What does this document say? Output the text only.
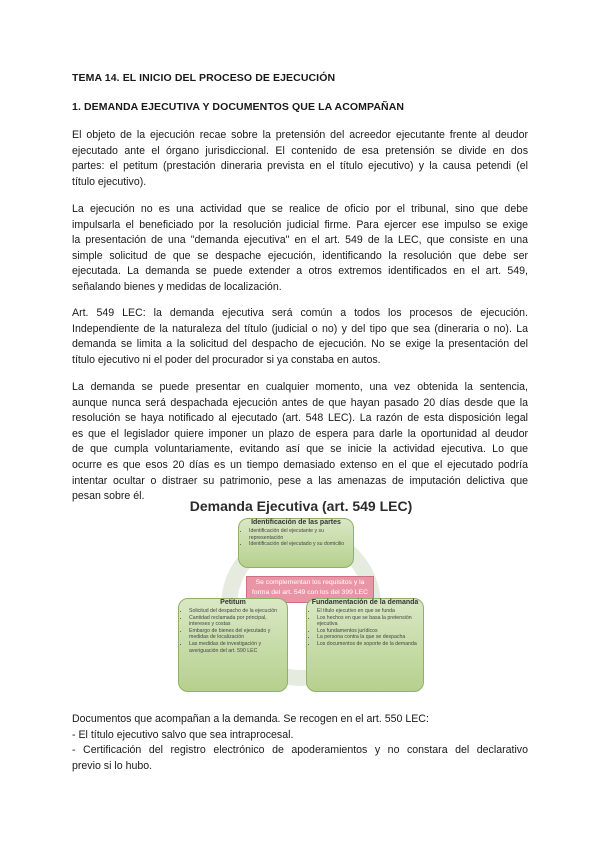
TEMA 14. EL INICIO DEL PROCESO DE EJECUCIÓN
1. DEMANDA EJECUTIVA Y DOCUMENTOS QUE LA ACOMPAÑAN
El objeto de la ejecución recae sobre la pretensión del acreedor ejecutante frente al deudor
ejecutado ante el órgano jurisdiccional. El contenido de esa pretensión se divide en dos
partes: el petitum (prestación dineraria prevista en el título ejecutivo) y la causa petendi (el
título ejecutivo).
La ejecución no es una actividad que se realice de oficio por el tribunal, sino que debe
impulsarla el beneficiado por la resolución judicial firme. Para ejercer ese impulso se exige
la presentación de una "demanda ejecutiva" en el art. 549 de la LEC, que consiste en una
simple solicitud de que se despache ejecución, identificando la resolución que debe ser
ejecutada. La demanda se puede extender a otros extremos identificados en el art. 549,
señalando bienes y medidas de localización.
Art. 549 LEC: la demanda ejecutiva será común a todos los procesos de ejecución.
Independiente de la naturaleza del título (judicial o no) y del tipo que sea (dineraria o no). La
demanda se limita a la solicitud del despacho de ejecución. No se exige la presentación del
título ejecutivo ni el poder del procurador si ya constaba en autos.
La demanda se puede presentar en cualquier momento, una vez obtenida la sentencia,
aunque nunca será despachada ejecución antes de que hayan pasado 20 días desde que la
resolución se haya notificado al ejecutado (art. 548 LEC). La razón de esta disposición legal
es que el legislador quiere imponer un plazo de espera para darle la oportunidad al deudor
de que cumpla voluntariamente, evitando así que se inicie la actividad ejecutiva. Lo que
ocurre es que esos 20 días es un tiempo demasiado extenso en el que el ejecutado podría
intentar ocultar o distraer su patrimonio, pese a las amenazas de imputación delictiva que
pesan sobre él.
Demanda Ejecutiva (art. 549 LEC)
Identificación de las partes
• Identificación del ejecutante y su representación
• Identificación del ejecutado y su domicilio
Se complementan los requisitos y la forma del art. 549 con los del 399 LEC
Petitum
• Solicitud del despacho de la ejecución
• Cantidad reclamada por principal, intereses y costas
• Embargo de bienes del ejecutado y medidas de localización
• Las medidas de investigación y averiguación del art. 590 LEC
Fundamentación de la demanda
• El título ejecutivo en que se funda
• Los hechos en que se basa la pretensión ejecutiva
• Los fundamentos jurídicos
• La persona contra la que se despacha
• Los documentos de soporte de la demanda
Documentos que acompañan a la demanda. Se recogen en el art. 550 LEC:
- El título ejecutivo salvo que sea intraprocesal.
- Certificación del registro electrónico de apoderamientos y no constara del declarativo
previo si lo hubo.
